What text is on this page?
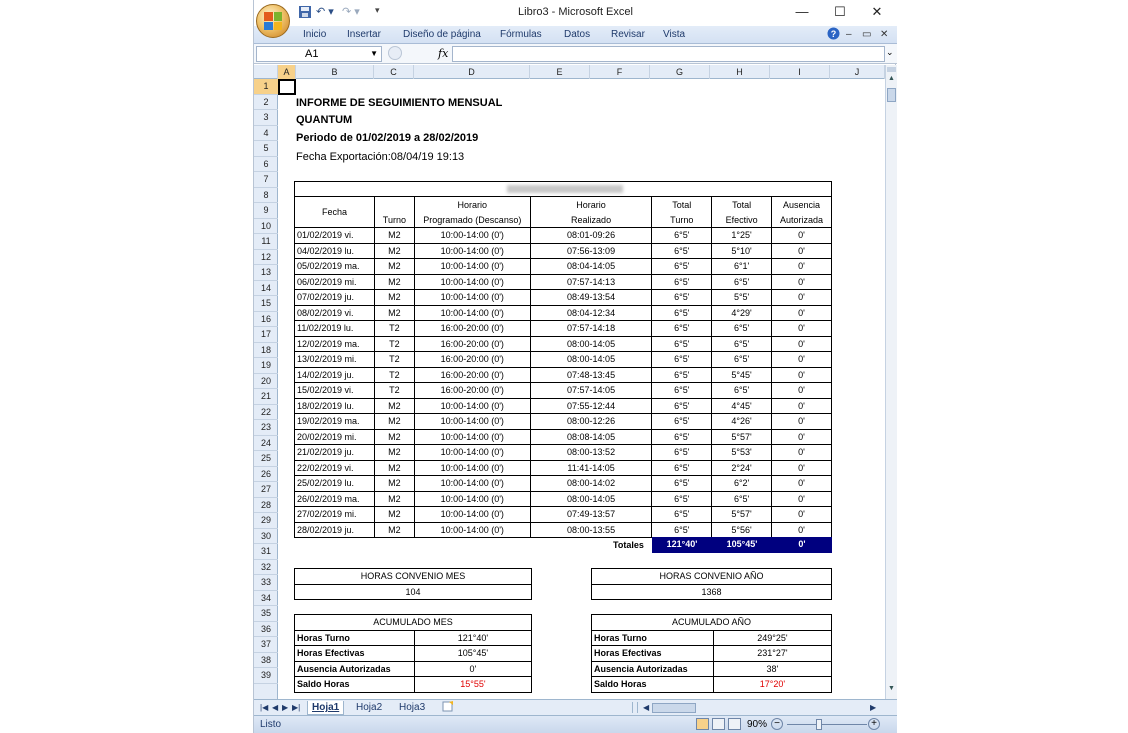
Libro3 - Microsoft Excel
↶ ▾ ↷ ▾ ▾	—	☐	✕
Inicio Insertar Diseño de página Fórmulas Datos Revisar Vista	? – ▭ ✕
A1	▼	fx	⌄
A	B	C	D	E	F	G	H	I	J
1
2
3
4
5
6
7
8
9
10
11
12
13
14
15
16
17
18
19
20
21
22
23
24
25
26
27
28
29
30
31
32
33
34
35
36
37
38
39
INFORME DE SEGUIMIENTO MENSUAL
QUANTUM
Periodo de 01/02/2019 a 28/02/2019
Fecha Exportación:08/04/19 19:13
Fecha		Horario	Horario	Total	Total	Ausencia
	Turno	Programado (Descanso)	Realizado	Turno	Efectivo	Autorizada
01/02/2019 vi.	M2	10:00-14:00 (0')	08:01-09:26	6°5'	1°25'	0'
04/02/2019 lu.	M2	10:00-14:00 (0')	07:56-13:09	6°5'	5°10'	0'
05/02/2019 ma.	M2	10:00-14:00 (0')	08:04-14:05	6°5'	6°1'	0'
06/02/2019 mi.	M2	10:00-14:00 (0')	07:57-14:13	6°5'	6°5'	0'
07/02/2019 ju.	M2	10:00-14:00 (0')	08:49-13:54	6°5'	5°5'	0'
08/02/2019 vi.	M2	10:00-14:00 (0')	08:04-12:34	6°5'	4°29'	0'
11/02/2019 lu.	T2	16:00-20:00 (0')	07:57-14:18	6°5'	6°5'	0'
12/02/2019 ma.	T2	16:00-20:00 (0')	08:00-14:05	6°5'	6°5'	0'
13/02/2019 mi.	T2	16:00-20:00 (0')	08:00-14:05	6°5'	6°5'	0'
14/02/2019 ju.	T2	16:00-20:00 (0')	07:48-13:45	6°5'	5°45'	0'
15/02/2019 vi.	T2	16:00-20:00 (0')	07:57-14:05	6°5'	6°5'	0'
18/02/2019 lu.	M2	10:00-14:00 (0')	07:55-12:44	6°5'	4°45'	0'
19/02/2019 ma.	M2	10:00-14:00 (0')	08:00-12:26	6°5'	4°26'	0'
20/02/2019 mi.	M2	10:00-14:00 (0')	08:08-14:05	6°5'	5°57'	0'
21/02/2019 ju.	M2	10:00-14:00 (0')	08:00-13:52	6°5'	5°53'	0'
22/02/2019 vi.	M2	10:00-14:00 (0')	11:41-14:05	6°5'	2°24'	0'
25/02/2019 lu.	M2	10:00-14:00 (0')	08:00-14:02	6°5'	6°2'	0'
26/02/2019 ma.	M2	10:00-14:00 (0')	08:00-14:05	6°5'	6°5'	0'
27/02/2019 mi.	M2	10:00-14:00 (0')	07:49-13:57	6°5'	5°57'	0'
28/02/2019 ju.	M2	10:00-14:00 (0')	08:00-13:55	6°5'	5°56'	0'
Totales	121°40'	105°45'	0'
HORAS CONVENIO MES
104
HORAS CONVENIO AÑO
1368
ACUMULADO MES	
Horas Turno	121°40'
Horas Efectivas	105°45'
Ausencia Autorizadas	0'
Saldo Horas	15°55'
ACUMULADO AÑO	
Horas Turno	249°25'
Horas Efectivas	231°27'
Ausencia Autorizadas	38'
Saldo Horas	17°20'
▲
▼
|◀ ◀ ▶ ▶|	Hoja1	Hoja2	Hoja3	◀	▶
Listo	90% −	+
